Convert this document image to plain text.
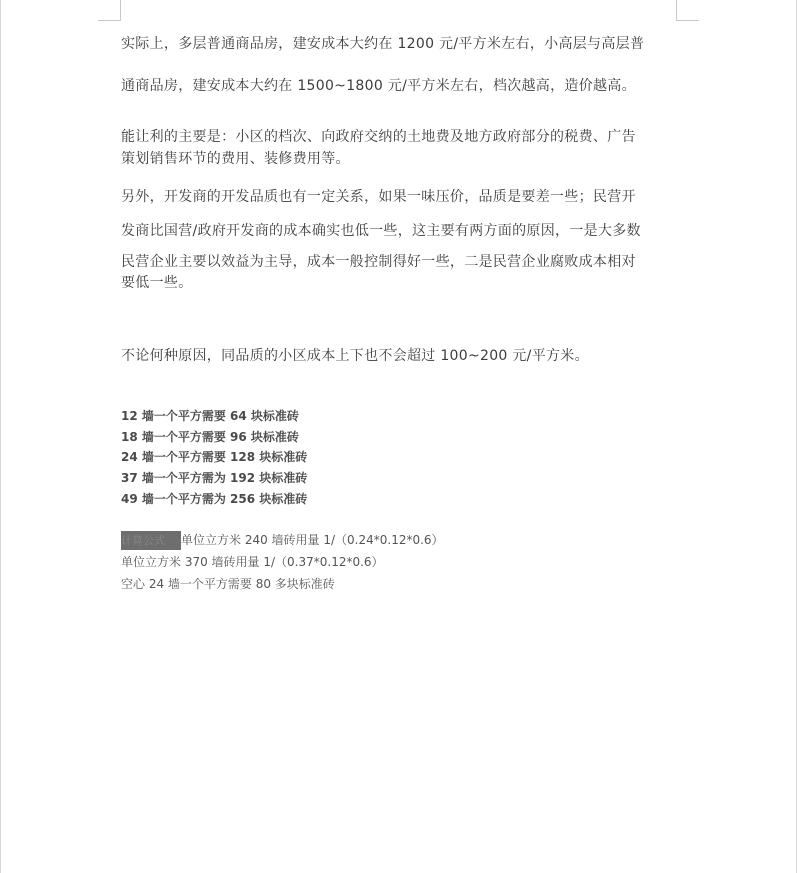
实际上，多层普通商品房，建安成本大约在 1200 元/平方米左右，小高层与高层普
通商品房，建安成本大约在 1500~1800 元/平方米左右，档次越高，造价越高。
能让利的主要是：小区的档次、向政府交纳的土地费及地方政府部分的税费、广告
策划销售环节的费用、装修费用等。
另外，开发商的开发品质也有一定关系，如果一味压价，品质是要差一些；民营开
发商比国营/政府开发商的成本确实也低一些，这主要有两方面的原因，一是大多数
民营企业主要以效益为主导，成本一般控制得好一些，二是民营企业腐败成本相对
要低一些。
不论何种原因，同品质的小区成本上下也不会超过 100~200 元/平方米。
12 墙一个平方需要 64 块标准砖
18 墙一个平方需要 96 块标准砖
24 墙一个平方需要 128 块标准砖
37 墙一个平方需为 192 块标准砖
49 墙一个平方需为 256 块标准砖
计算公式 单位立方米 240 墙砖用量 1/（0.24*0.12*0.6）
单位立方米 370 墙砖用量 1/（0.37*0.12*0.6）
空心 24 墙一个平方需要 80 多块标准砖
